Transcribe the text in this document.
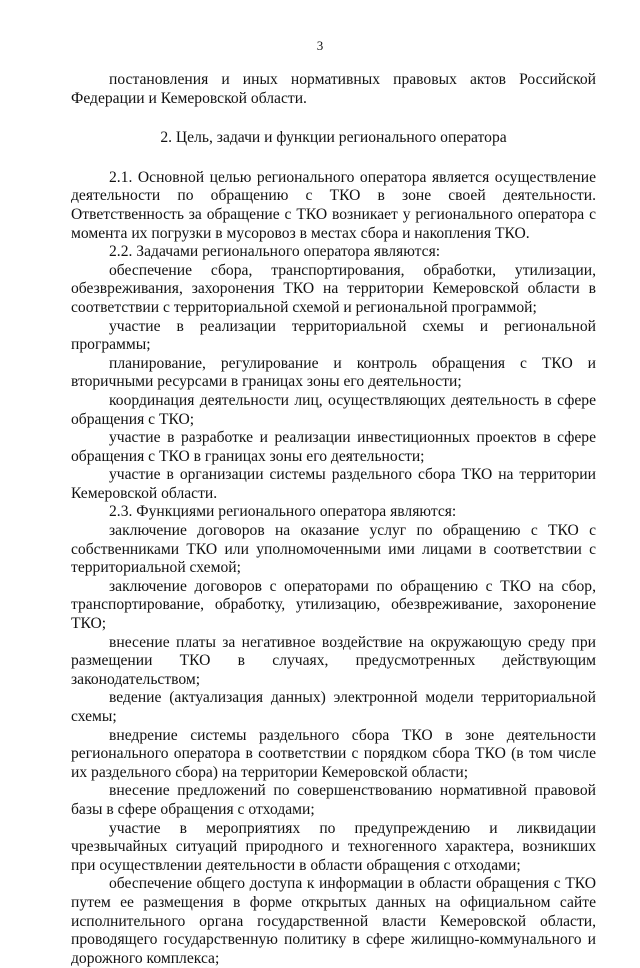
3

постановления и иных нормативных правовых актов Российской Федерации и Кемеровской области.

2. Цель, задачи и функции регионального оператора

2.1. Основной целью регионального оператора является осуществление деятельности по обращению с ТКО в зоне своей деятельности. Ответственность за обращение с ТКО возникает у регионального оператора с момента их погрузки в мусоровоз в местах сбора и накопления ТКО.

2.2. Задачами регионального оператора являются:

обеспечение сбора, транспортирования, обработки, утилизации, обезвреживания, захоронения ТКО на территории Кемеровской области в соответствии с территориальной схемой и региональной программой;

участие в реализации территориальной схемы и региональной программы;

планирование, регулирование и контроль обращения с ТКО и вторичными ресурсами в границах зоны его деятельности;

координация деятельности лиц, осуществляющих деятельность в сфере обращения с ТКО;

участие в разработке и реализации инвестиционных проектов в сфере обращения с ТКО в границах зоны его деятельности;

участие в организации системы раздельного сбора ТКО на территории Кемеровской области.

2.3. Функциями регионального оператора являются:

заключение договоров на оказание услуг по обращению с ТКО с собственниками ТКО или уполномоченными ими лицами в соответствии с территориальной схемой;

заключение договоров с операторами по обращению с ТКО на сбор, транспортирование, обработку, утилизацию, обезвреживание, захоронение ТКО;

внесение платы за негативное воздействие на окружающую среду при размещении ТКО в случаях, предусмотренных действующим законодательством;

ведение (актуализация данных) электронной модели территориальной схемы;

внедрение системы раздельного сбора ТКО в зоне деятельности регионального оператора в соответствии с порядком сбора ТКО (в том числе их раздельного сбора) на территории Кемеровской области;

внесение предложений по совершенствованию нормативной правовой базы в сфере обращения с отходами;

участие в мероприятиях по предупреждению и ликвидации чрезвычайных ситуаций природного и техногенного характера, возникших при осуществлении деятельности в области обращения с отходами;

обеспечение общего доступа к информации в области обращения с ТКО путем ее размещения в форме открытых данных на официальном сайте исполнительного органа государственной власти Кемеровской области, проводящего государственную политику в сфере жилищно-коммунального и дорожного комплекса;
